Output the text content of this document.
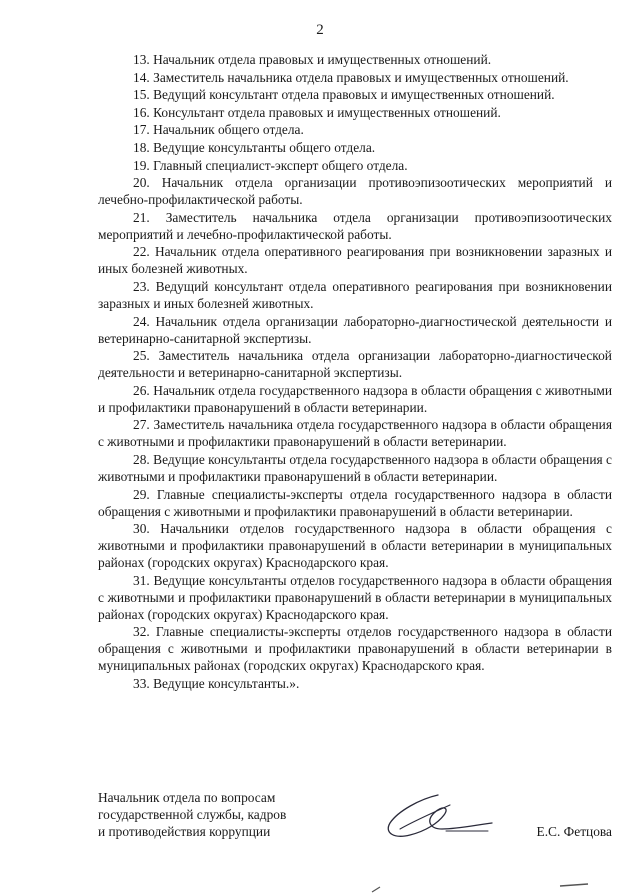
2

13. Начальник отдела правовых и имущественных отношений.

14. Заместитель начальника отдела правовых и имущественных отношений.

15. Ведущий консультант отдела правовых и имущественных отношений.

16. Консультант отдела правовых и имущественных отношений.

17. Начальник общего отдела.

18. Ведущие консультанты общего отдела.

19. Главный специалист-эксперт общего отдела.

20. Начальник отдела организации противоэпизоотических мероприятий и лечебно-профилактической работы.

21. Заместитель начальника отдела организации противоэпизоотических мероприятий и лечебно-профилактической работы.

22. Начальник отдела оперативного реагирования при возникновении заразных и иных болезней животных.

23. Ведущий консультант отдела оперативного реагирования при возникновении заразных и иных болезней животных.

24. Начальник отдела организации лабораторно-диагностической деятельности и ветеринарно-санитарной экспертизы.

25. Заместитель начальника отдела организации лабораторно-диагностической деятельности и ветеринарно-санитарной экспертизы.

26. Начальник отдела государственного надзора в области обращения с животными и профилактики правонарушений в области ветеринарии.

27. Заместитель начальника отдела государственного надзора в области обращения с животными и профилактики правонарушений в области ветеринарии.

28. Ведущие консультанты отдела государственного надзора в области обращения с животными и профилактики правонарушений в области ветеринарии.

29. Главные специалисты-эксперты отдела государственного надзора в области обращения с животными и профилактики правонарушений в области ветеринарии.

30. Начальники отделов государственного надзора в области обращения с животными и профилактики правонарушений в области ветеринарии в муниципальных районах (городских округах) Краснодарского края.

31. Ведущие консультанты отделов государственного надзора в области обращения с животными и профилактики правонарушений в области ветеринарии в муниципальных районах (городских округах) Краснодарского края.

32. Главные специалисты-эксперты отделов государственного надзора в области обращения с животными и профилактики правонарушений в области ветеринарии в муниципальных районах (городских округах) Краснодарского края.

33. Ведущие консультанты.».

Начальник отдела по вопросам
государственной службы, кадров
и противодействия коррупции	Е.С. Фетцова
